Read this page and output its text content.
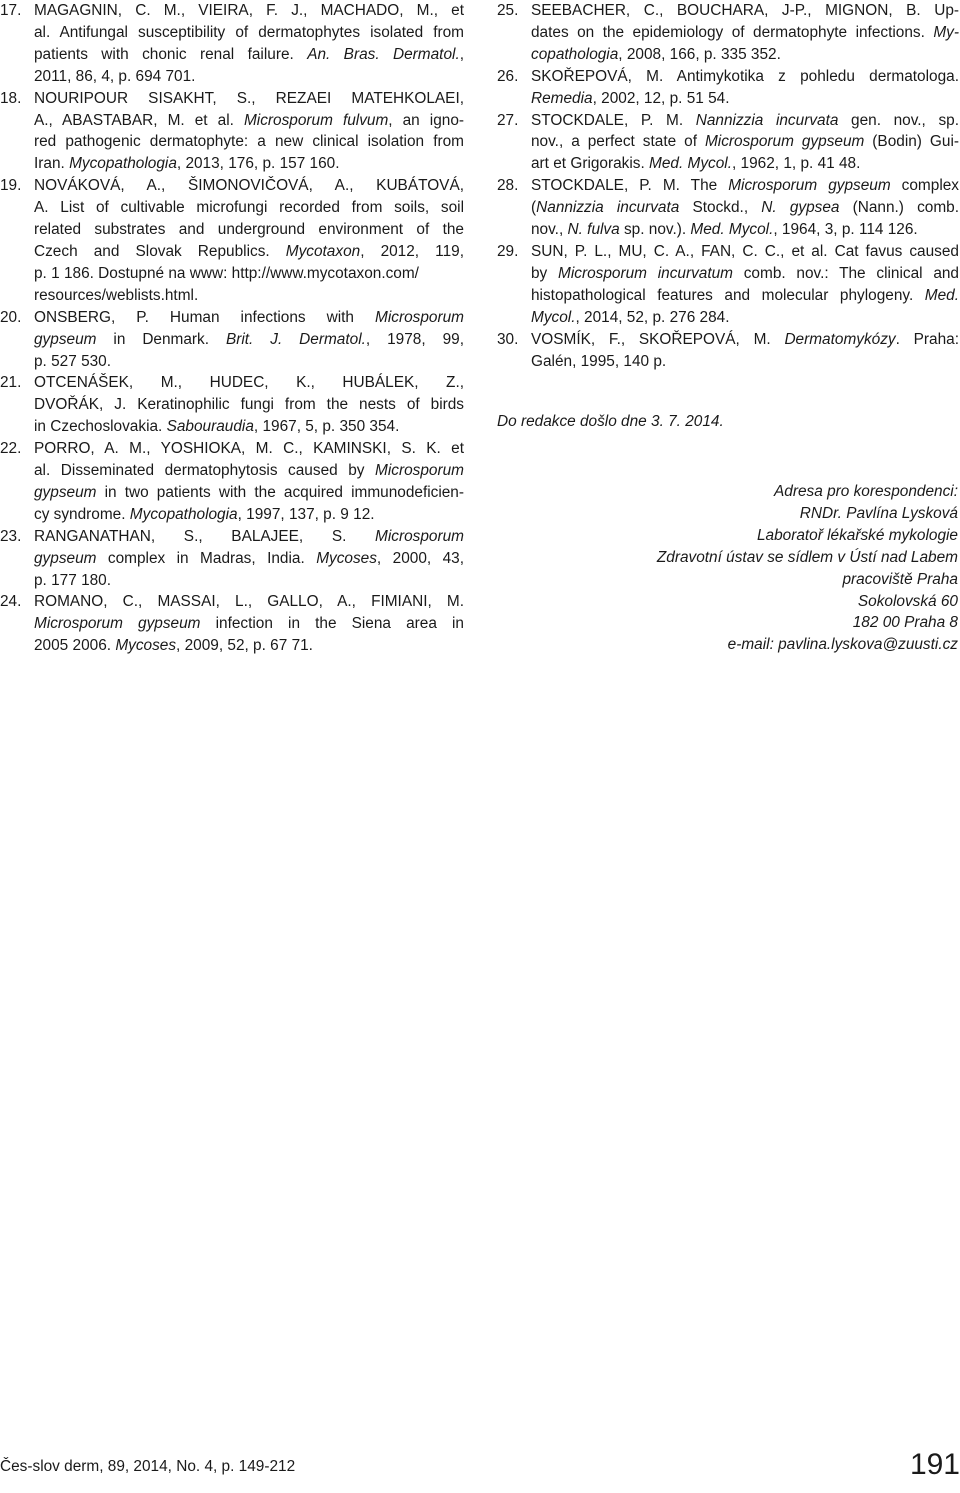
17. MAGAGNIN, C. M., VIEIRA, F. J., MACHADO, M., et
al. Antifungal susceptibility of dermatophytes isolated from
patients with chonic renal failure. An. Bras. Dermatol.,
2011, 86, 4, p. 694 701.
18. NOURIPOUR SISAKHT, S., REZAEI MATEHKOLAEI,
A., ABASTABAR, M. et al. Microsporum fulvum, an igno-
red pathogenic dermatophyte: a new clinical isolation from
Iran. Mycopathologia, 2013, 176, p. 157 160.
19. NOVÁKOVÁ, A., ŠIMONOVIČOVÁ, A., KUBÁTOVÁ,
A. List of cultivable microfungi recorded from soils, soil
related substrates and underground environment of the
Czech and Slovak Republics. Mycotaxon, 2012, 119,
p. 1 186. Dostupné na www: http://www.mycotaxon.com/
resources/weblists.html.
20. ONSBERG, P. Human infections with Microsporum
gypseum in Denmark. Brit. J. Dermatol., 1978, 99,
p. 527 530.
21. OTCENÁŠEK, M., HUDEC, K., HUBÁLEK, Z.,
DVOŘÁK, J. Keratinophilic fungi from the nests of birds
in Czechoslovakia. Sabouraudia, 1967, 5, p. 350 354.
22. PORRO, A. M., YOSHIOKA, M. C., KAMINSKI, S. K. et
al. Disseminated dermatophytosis caused by Microsporum
gypseum in two patients with the acquired immunodeficien-
cy syndrome. Mycopathologia, 1997, 137, p. 9 12.
23. RANGANATHAN, S., BALAJEE, S. Microsporum
gypseum complex in Madras, India. Mycoses, 2000, 43,
p. 177 180.
24. ROMANO, C., MASSAI, L., GALLO, A., FIMIANI, M.
Microsporum gypseum infection in the Siena area in
2005 2006. Mycoses, 2009, 52, p. 67 71.
25. SEEBACHER, C., BOUCHARA, J-P., MIGNON, B. Up-
dates on the epidemiology of dermatophyte infections. My-
copathologia, 2008, 166, p. 335 352.
26. SKOŘEPOVÁ, M. Antimykotika z pohledu dermatologa.
Remedia, 2002, 12, p. 51 54.
27. STOCKDALE, P. M. Nannizzia incurvata gen. nov., sp.
nov., a perfect state of Microsporum gypseum (Bodin) Gui-
art et Grigorakis. Med. Mycol., 1962, 1, p. 41 48.
28. STOCKDALE, P. M. The Microsporum gypseum complex
(Nannizzia incurvata Stockd., N. gypsea (Nann.) comb.
nov., N. fulva sp. nov.). Med. Mycol., 1964, 3, p. 114 126.
29. SUN, P. L., MU, C. A., FAN, C. C., et al. Cat favus caused
by Microsporum incurvatum comb. nov.: The clinical and
histopathological features and molecular phylogeny. Med.
Mycol., 2014, 52, p. 276 284.
30. VOSMÍK, F., SKOŘEPOVÁ, M. Dermatomykózy. Praha:
Galén, 1995, 140 p.
Do redakce došlo dne 3. 7. 2014.
Adresa pro korespondenci:
RNDr. Pavlína Lysková
Laboratoř lékařské mykologie
Zdravotní ústav se sídlem v Ústí nad Labem
pracoviště Praha
Sokolovská 60
182 00 Praha 8
e-mail: pavlina.lyskova@zuusti.cz
Čes-slov derm, 89, 2014, No. 4, p. 149-212	191
